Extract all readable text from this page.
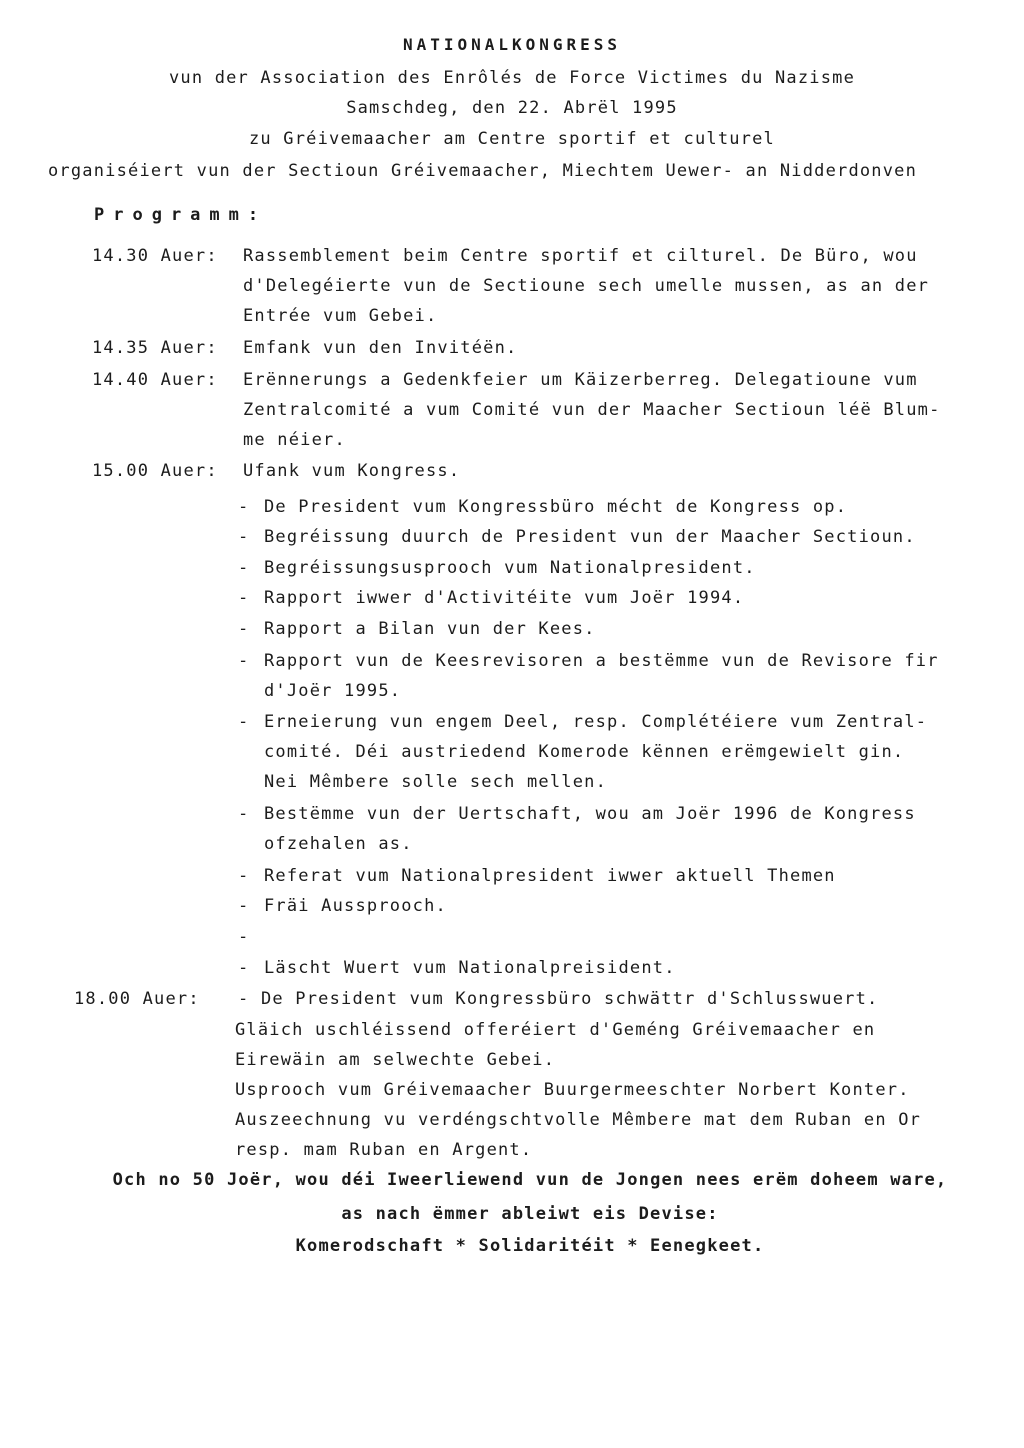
NATIONALKONGRESS
vun der Association des Enrôlés de Force Victimes du Nazisme
Samschdeg, den 22. Abrël 1995
zu Gréivemaacher am Centre sportif et culturel
organiséiert vun der Sectioun Gréivemaacher, Miechtem Uewer- an Nidderdonven
Programm:
14.30 Auer: Rassemblement beim Centre sportif et cilturel. De Büro, wou
d'Delegéierte vun de Sectioune sech umelle mussen, as an der
Entrée vum Gebei.
14.35 Auer: Emfank vun den Invitéën.
14.40 Auer: Erënnerungs a Gedenkfeier um Käizerberreg. Delegatioune vum
Zentralcomité a vum Comité vun der Maacher Sectioun léë Blum-
me néier.
15.00 Auer: Ufank vum Kongress.
- De President vum Kongressbüro mécht de Kongress op.
- Begréissung duurch de President vun der Maacher Sectioun.
- Begréissungsusprooch vum Nationalpresident.
- Rapport iwwer d'Activitéite vum Joër 1994.
- Rapport a Bilan vun der Kees.
- Rapport vun de Keesrevisoren a bestëmme vun de Revisore fir
d'Joër 1995.
- Erneierung vun engem Deel, resp. Complétéiere vum Zentral-
comité. Déi austriedend Komerode kënnen erëmgewielt gin.
Nei Mêmbere solle sech mellen.
- Bestëmme vun der Uertschaft, wou am Joër 1996 de Kongress
ofzehalen as.
- Referat vum Nationalpresident iwwer aktuell Themen
- Fräi Aussprooch.
-
- Läscht Wuert vum Nationalpreisident.
18.00 Auer: - De President vum Kongressbüro schwättr d'Schlusswuert.
Gläich uschléissend offeréiert d'Geméng Gréivemaacher en
Eirewäin am selwechte Gebei.
Usprooch vum Gréivemaacher Buurgermeeschter Norbert Konter.
Auszeechnung vu verdéngschtvolle Mêmbere mat dem Ruban en Or
resp. mam Ruban en Argent.
Och no 50 Joër, wou déi Iweerliewend vun de Jongen nees erëm doheem ware,
as nach ëmmer ableiwt eis Devise:
Komerodschaft * Solidaritéit * Eenegkeet.
